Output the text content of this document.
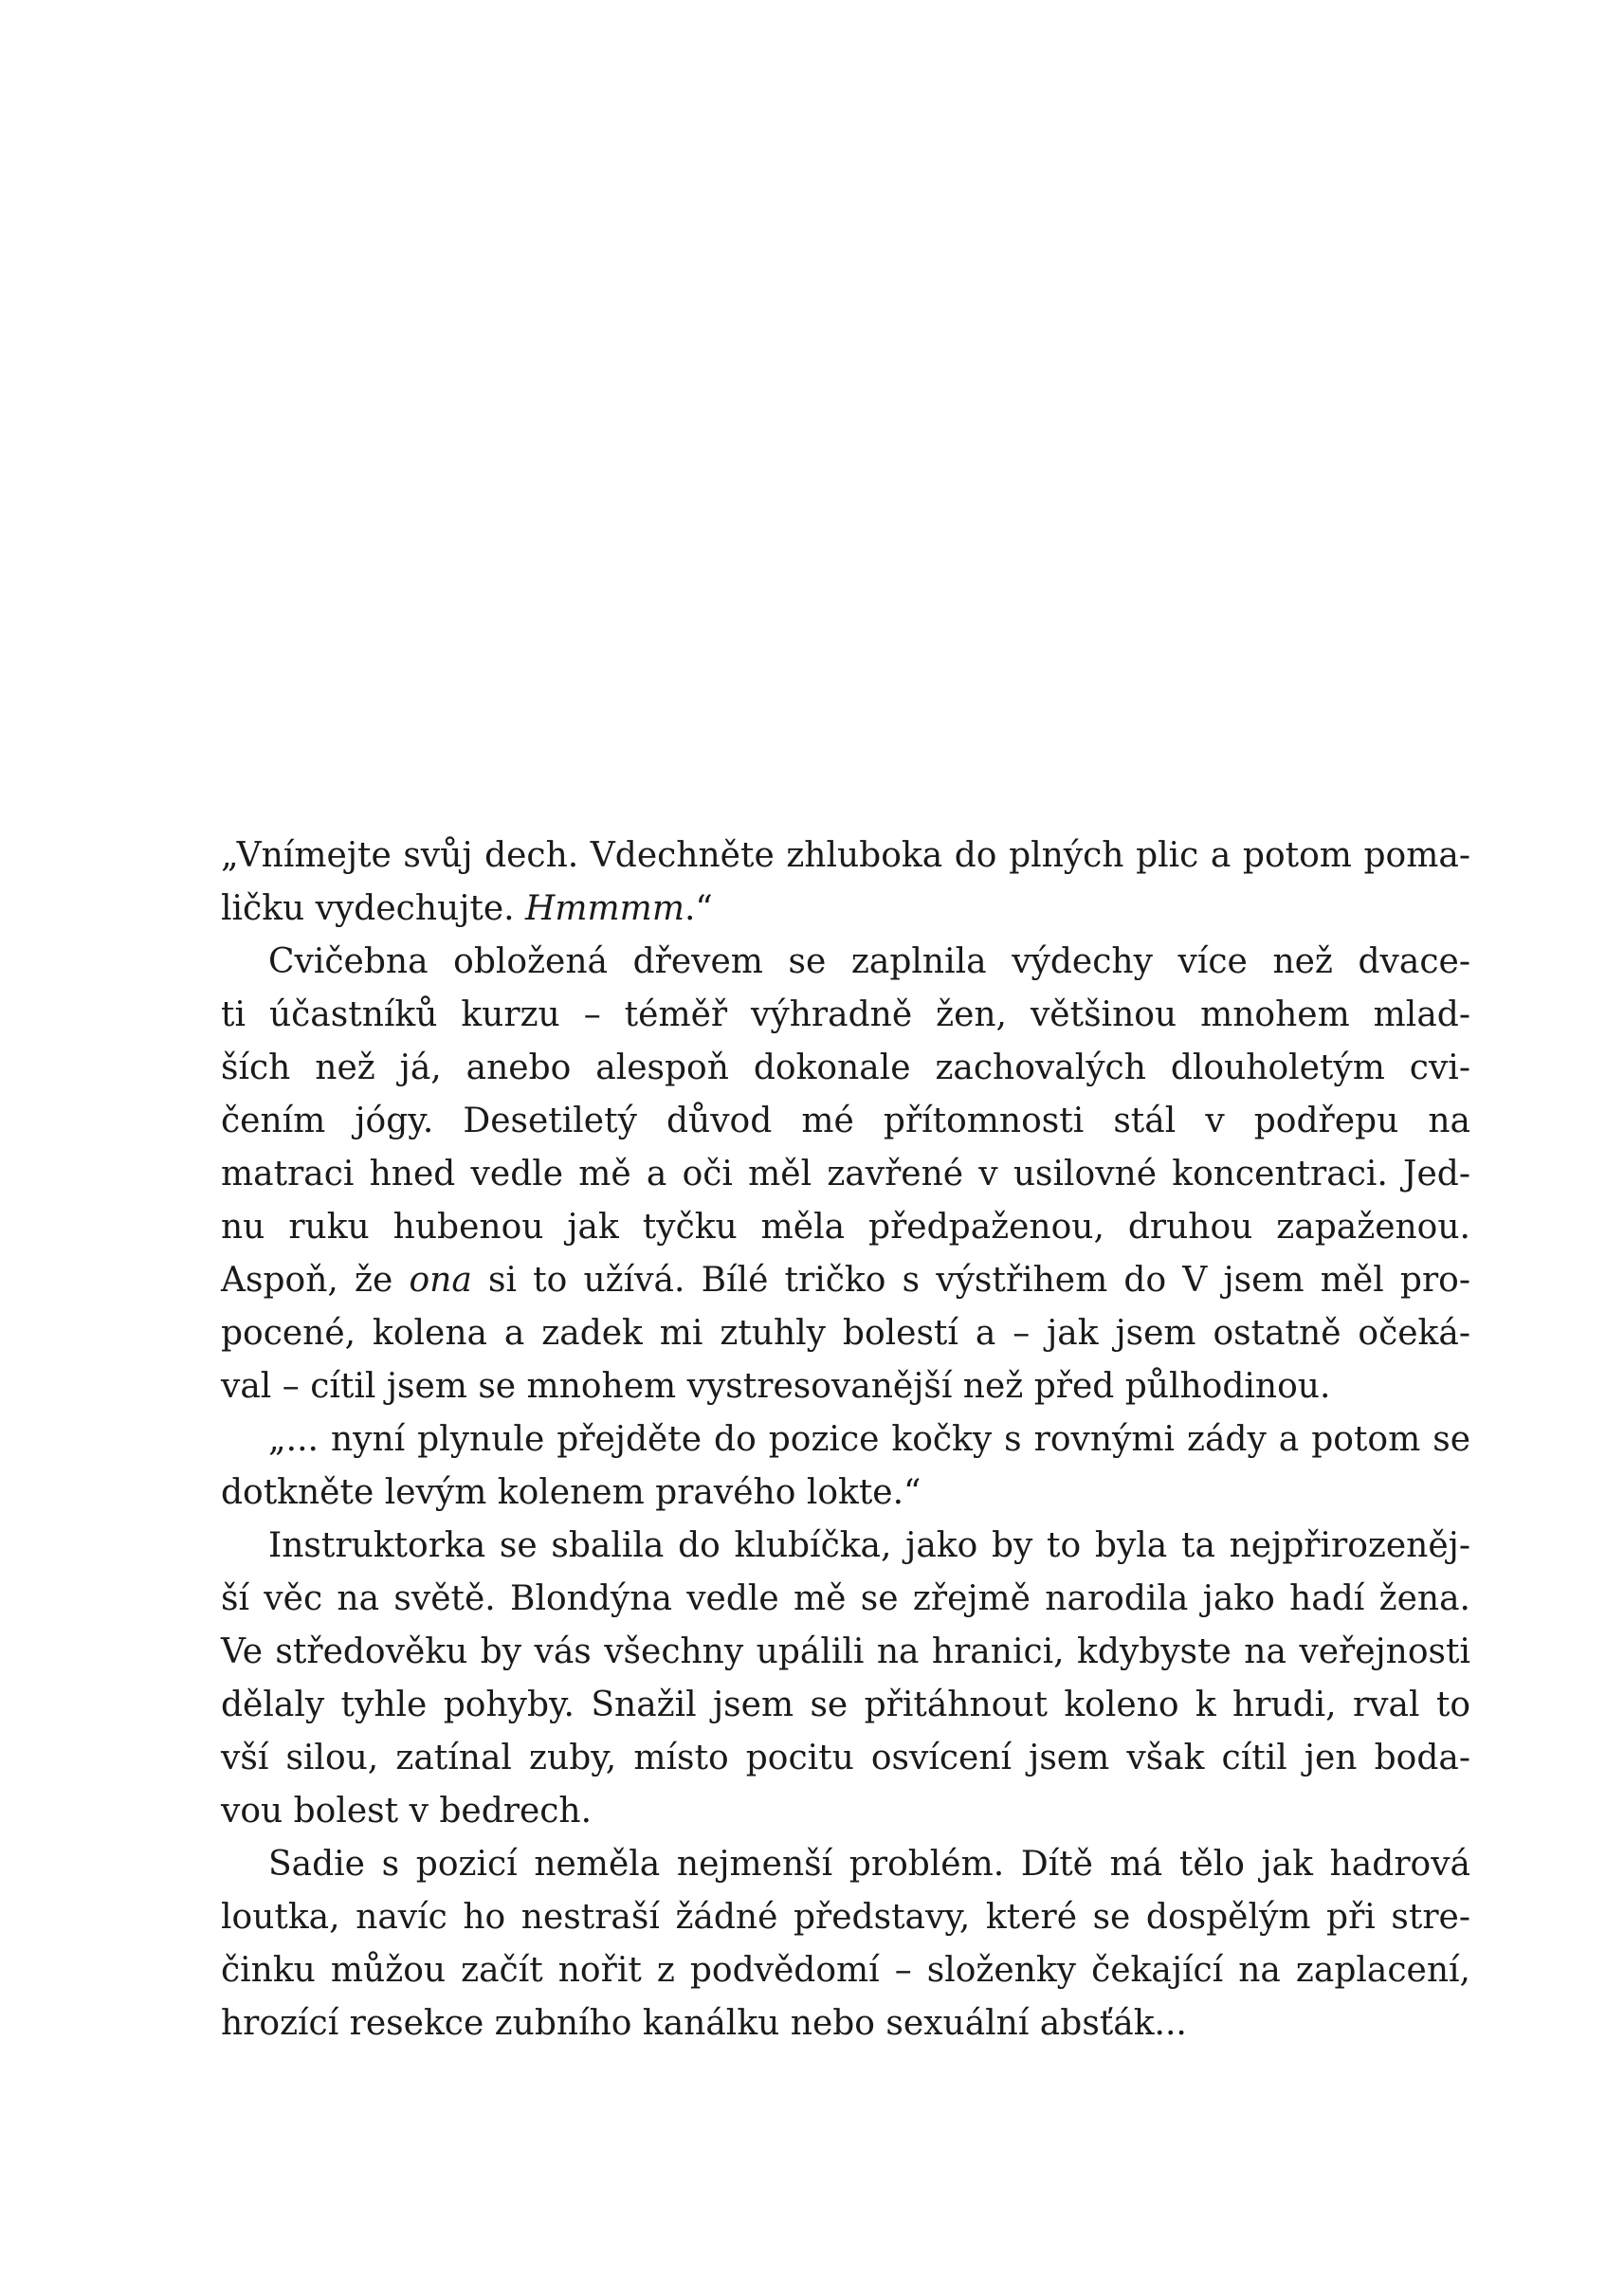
„Vnímejte svůj dech. Vdechněte zhluboka do plných plic a potom poma-
ličku vydechujte. Hmmmm.“
Cvičebna obložená dřevem se zaplnila výdechy více než dvace-
ti účastníků kurzu – téměř výhradně žen, většinou mnohem mlad-
ších než já, anebo alespoň dokonale zachovalých dlouholetým cvi-
čením jógy. Desetiletý důvod mé přítomnosti stál v podřepu na
matraci hned vedle mě a oči měl zavřené v usilovné koncentraci. Jed-
nu ruku hubenou jak tyčku měla předpaženou, druhou zapaženou.
Aspoň, že ona si to užívá. Bílé tričko s výstřihem do V jsem měl pro-
pocené, kolena a zadek mi ztuhly bolestí a – jak jsem ostatně očeká-
val – cítil jsem se mnohem vystresovanější než před půlhodinou.
„... nyní plynule přejděte do pozice kočky s rovnými zády a potom se
dotkněte levým kolenem pravého lokte.“
Instruktorka se sbalila do klubíčka, jako by to byla ta nejpřirozeněj-
ší věc na světě. Blondýna vedle mě se zřejmě narodila jako hadí žena.
Ve středověku by vás všechny upálili na hranici, kdybyste na veřejnosti
dělaly tyhle pohyby. Snažil jsem se přitáhnout koleno k hrudi, rval to
vší silou, zatínal zuby, místo pocitu osvícení jsem však cítil jen boda-
vou bolest v bedrech.
Sadie s pozicí neměla nejmenší problém. Dítě má tělo jak hadrová
loutka, navíc ho nestraší žádné představy, které se dospělým při stre-
činku můžou začít nořit z podvědomí – složenky čekající na zaplacení,
hrozící resekce zubního kanálku nebo sexuální absťák...
